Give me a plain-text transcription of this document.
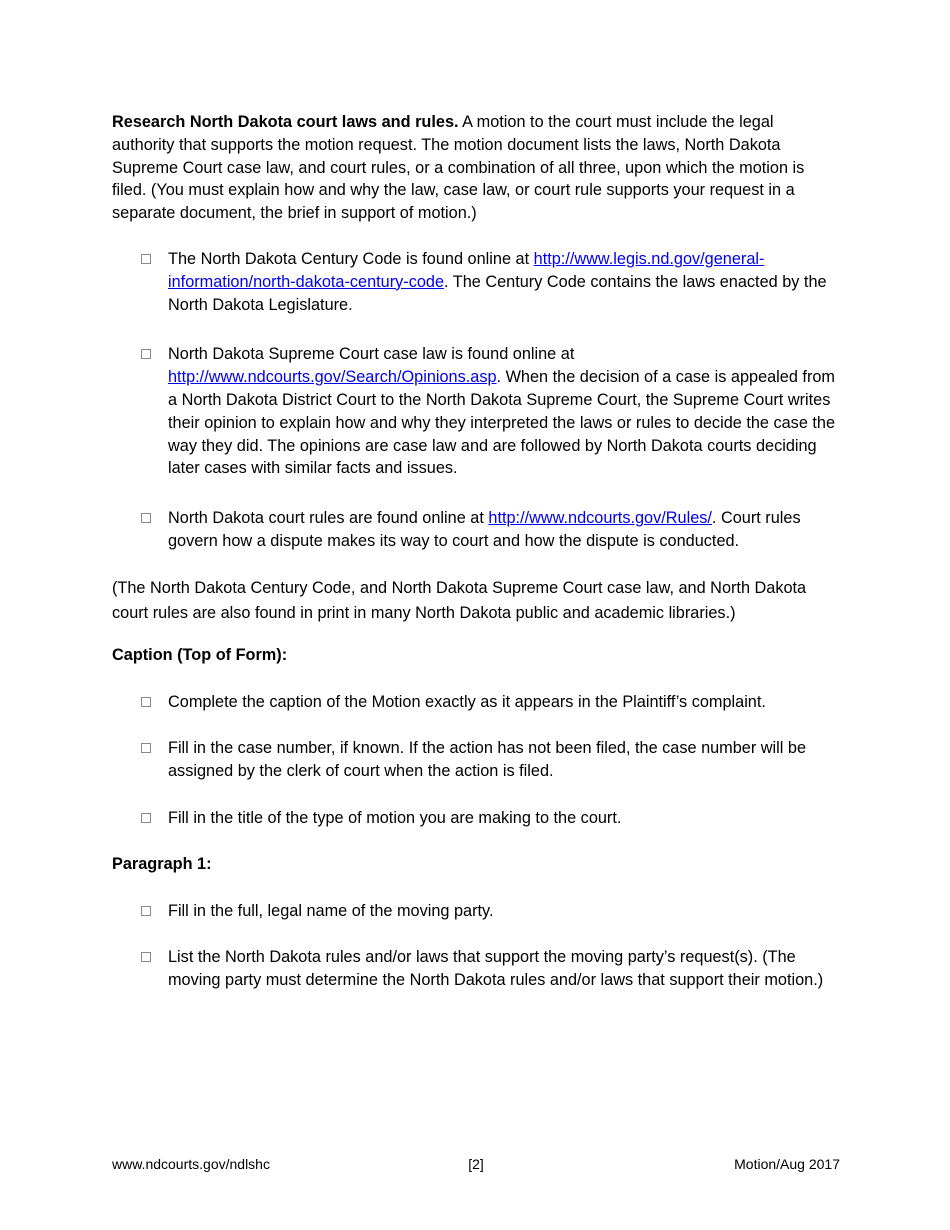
Research North Dakota court laws and rules. A motion to the court must include the legal authority that supports the motion request. The motion document lists the laws, North Dakota Supreme Court case law, and court rules, or a combination of all three, upon which the motion is filed. (You must explain how and why the law, case law, or court rule supports your request in a separate document, the brief in support of motion.)

The North Dakota Century Code is found online at http://www.legis.nd.gov/general-information/north-dakota-century-code. The Century Code contains the laws enacted by the North Dakota Legislature.
North Dakota Supreme Court case law is found online at http://www.ndcourts.gov/Search/Opinions.asp. When the decision of a case is appealed from a North Dakota District Court to the North Dakota Supreme Court, the Supreme Court writes their opinion to explain how and why they interpreted the laws or rules to decide the case the way they did. The opinions are case law and are followed by North Dakota courts deciding later cases with similar facts and issues.
North Dakota court rules are found online at http://www.ndcourts.gov/Rules/. Court rules govern how a dispute makes its way to court and how the dispute is conducted.

(The North Dakota Century Code, and North Dakota Supreme Court case law, and North Dakota court rules are also found in print in many North Dakota public and academic libraries.)

Caption (Top of Form):

Complete the caption of the Motion exactly as it appears in the Plaintiff’s complaint.
Fill in the case number, if known. If the action has not been filed, the case number will be assigned by the clerk of court when the action is filed.
Fill in the title of the type of motion you are making to the court.

Paragraph 1:

Fill in the full, legal name of the moving party.
List the North Dakota rules and/or laws that support the moving party’s request(s). (The moving party must determine the North Dakota rules and/or laws that support their motion.)
www.ndcourts.gov/ndlshc	[2]	Motion/Aug 2017
